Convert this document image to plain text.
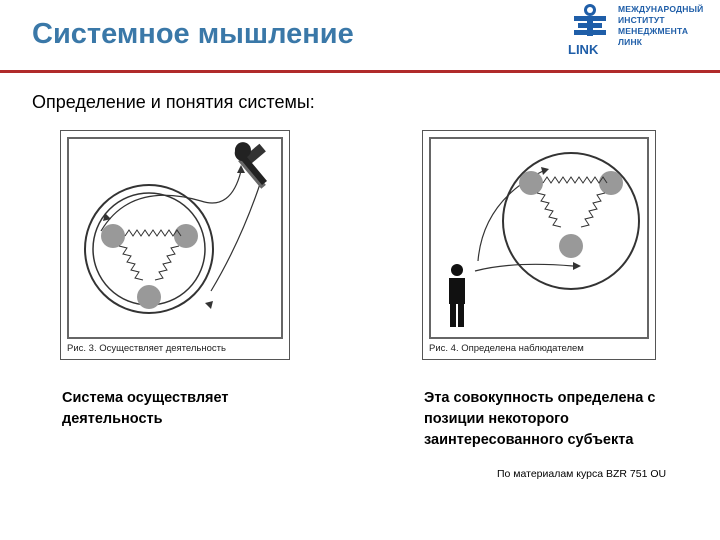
Системное мышление	LINK
МЕЖДУНАРОДНЫЙ
ИНСТИТУТ
МЕНЕДЖМЕНТА
ЛИНК
Определение и понятия системы:
Рис. 3. Осуществляет деятельность	Рис. 4. Определена наблюдателем
Система осуществляет деятельность
Эта совокупность определена с позиции некоторого заинтересованного субъекта
По материалам курса BZR 751 OU
